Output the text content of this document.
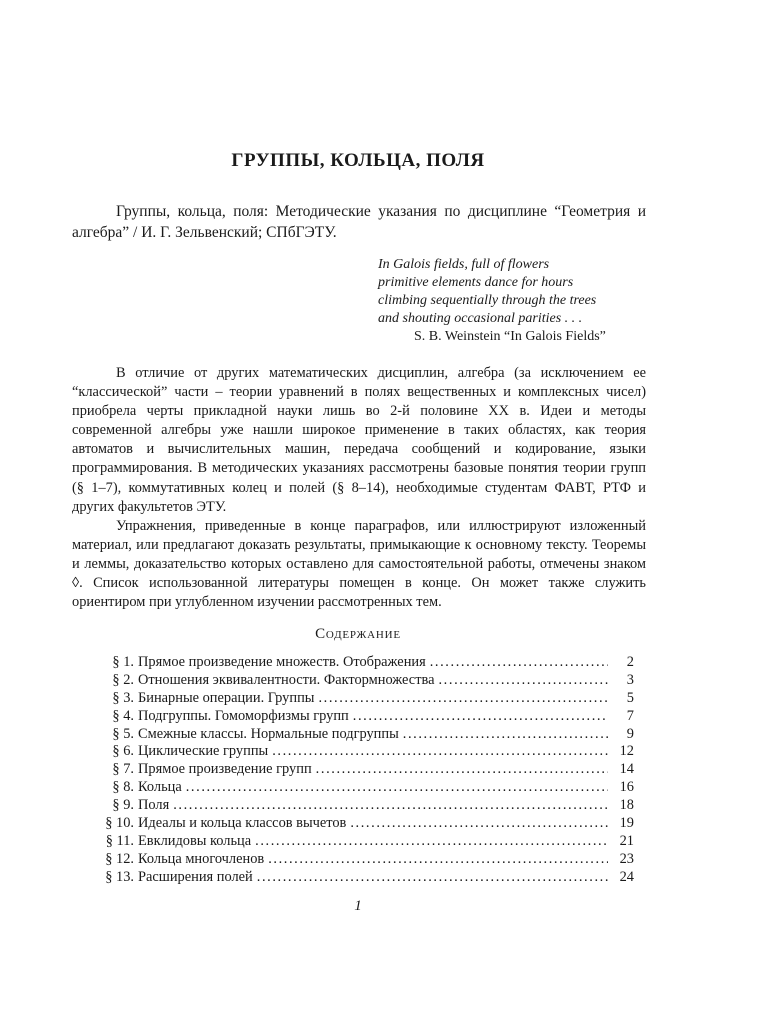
ГРУППЫ, КОЛЬЦА, ПОЛЯ
Группы, кольца, поля: Методические указания по дисциплине “Геометрия и алгебра” / И. Г. Зельвенский; СПбГЭТУ.
In Galois fields, full of flowers
primitive elements dance for hours
climbing sequentially through the trees
and shouting occasional parities . . .
S. B. Weinstein “In Galois Fields”

В отличие от других математических дисциплин, алгебра (за исключением ее “классической” части – теории уравнений в полях вещественных и комплексных чисел) приобрела черты прикладной науки лишь во 2-й половине XX в. Идеи и методы современной алгебры уже нашли широкое применение в таких областях, как теория автоматов и вычислительных машин, передача сообщений и кодирование, языки программирования. В методических указаниях рассмотрены базовые понятия теории групп (§ 1–7), коммутативных колец и полей (§ 8–14), необходимые студентам ФАВТ, РТФ и других факультетов ЭТУ.

Упражнения, приведенные в конце параграфов, или иллюстрируют изложенный материал, или предлагают доказать результаты, примыкающие к основному тексту. Теоремы и леммы, доказательство которых оставлено для самостоятельной работы, отмечены знаком ◊. Список использованной литературы помещен в конце. Он может также служить ориентиром при углубленном изучении рассмотренных тем.

Содержание
§ 1. Прямое произведение множеств. Отображения . . .	2
§ 2. Отношения эквивалентности. Фактормножества . . .	3
§ 3. Бинарные операции. Группы . . .	5
§ 4. Подгруппы. Гомоморфизмы групп . . .	7
§ 5. Смежные классы. Нормальные подгруппы . . .	9
§ 6. Циклические группы . . .	12
§ 7. Прямое произведение групп . . .	14
§ 8. Кольца . . .	16
§ 9. Поля . . .	18
§ 10. Идеалы и кольца классов вычетов . . .	19
§ 11. Евклидовы кольца . . .	21
§ 12. Кольца многочленов . . .	23
§ 13. Расширения полей . . .	24
1
